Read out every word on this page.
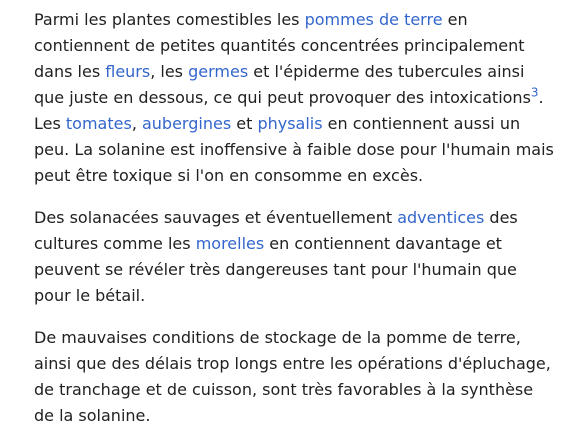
Parmi les plantes comestibles les pommes de terre en contiennent de petites quantités concentrées principalement dans les fleurs, les germes et l'épiderme des tubercules ainsi que juste en dessous, ce qui peut provoquer des intoxications$^3$. Les tomates, aubergines et physalis en contiennent aussi un peu. La solanine est inoffensive à faible dose pour l'humain mais peut être toxique si l'on en consomme en excès.

Des solanacées sauvages et éventuellement adventices des cultures comme les morelles en contiennent davantage et peuvent se révéler très dangereuses tant pour l'humain que pour le bétail.

De mauvaises conditions de stockage de la pomme de terre, ainsi que des délais trop longs entre les opérations d'épluchage, de tranchage et de cuisson, sont très favorables à la synthèse de la solanine.
